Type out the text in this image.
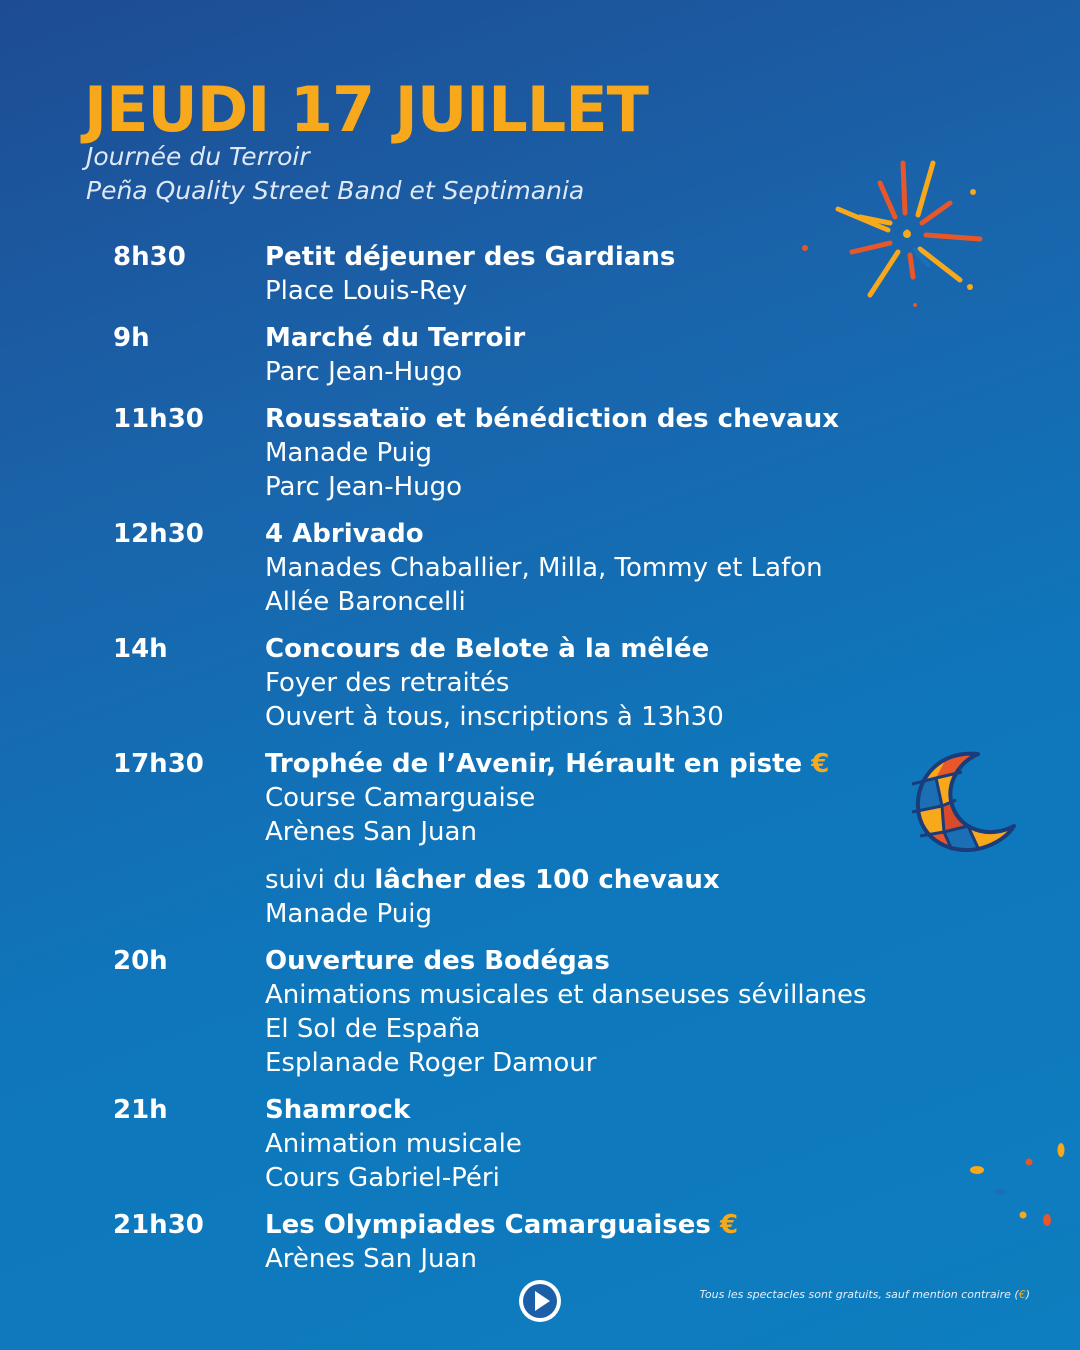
JEUDI 17 JUILLET
Journée du Terroir
Peña Quality Street Band et Septimania
8h30	Petit déjeuner des Gardians
Place Louis-Rey
9h	Marché du Terroir
Parc Jean-Hugo
11h30	Roussataïo et bénédiction des chevaux
Manade Puig
Parc Jean-Hugo
12h30	4 Abrivado
Manades Chaballier, Milla, Tommy et Lafon
Allée Baroncelli
14h	Concours de Belote à la mêlée
Foyer des retraités
Ouvert à tous, inscriptions à 13h30
17h30	Trophée de l’Avenir, Hérault en piste €
Course Camarguaise
Arènes San Juan
suivi du lâcher des 100 chevaux
Manade Puig
20h	Ouverture des Bodégas
Animations musicales et danseuses sévillanes
El Sol de España
Esplanade Roger Damour
21h	Shamrock
Animation musicale
Cours Gabriel-Péri
21h30	Les Olympiades Camarguaises €
Arènes San Juan
Tous les spectacles sont gratuits, sauf mention contraire (€)
